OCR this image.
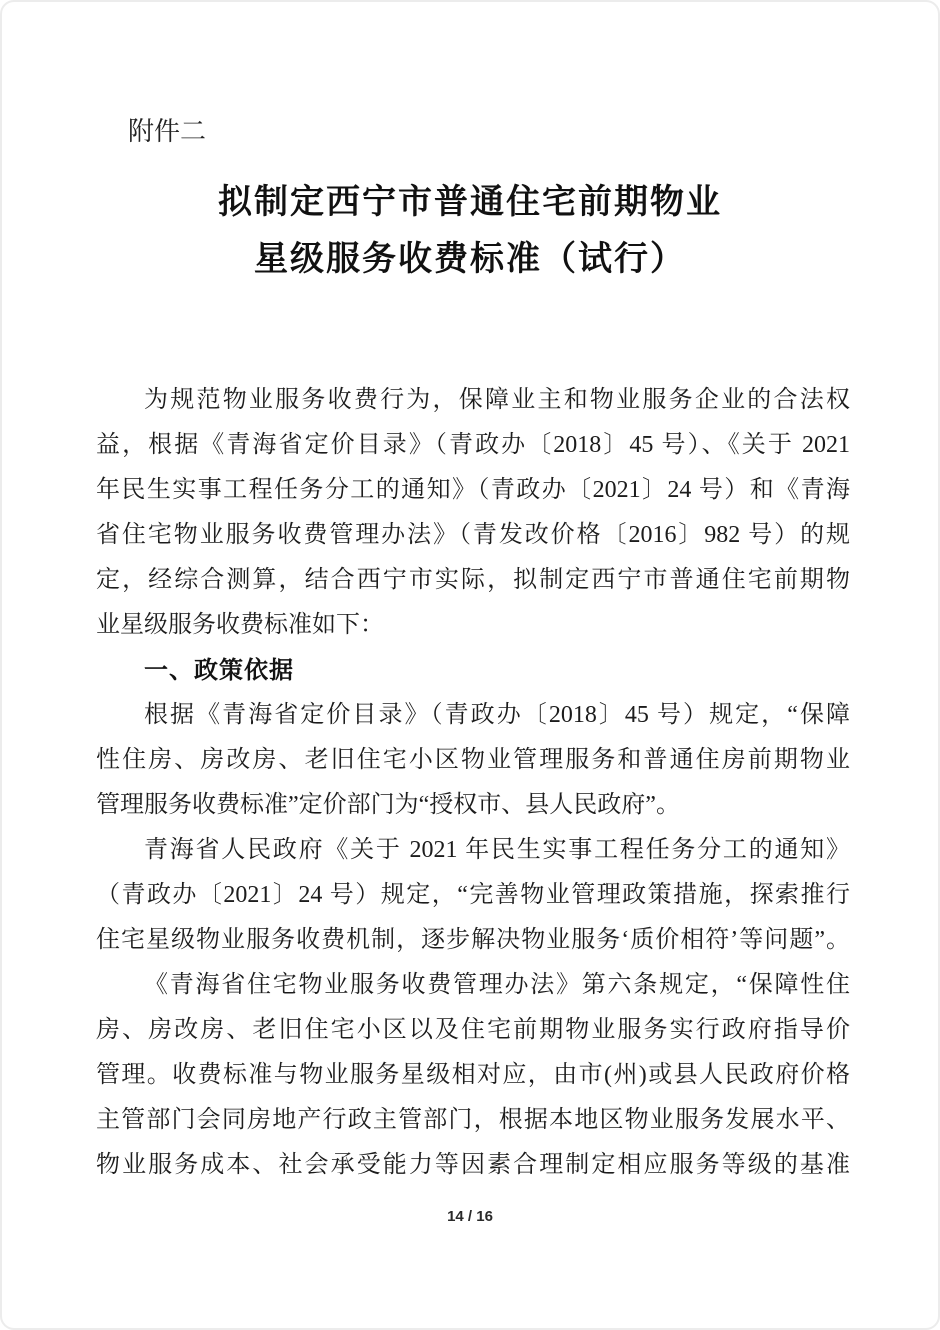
附件二
拟制定西宁市普通住宅前期物业
星级服务收费标准（试行）
为规范物业服务收费行为，保障业主和物业服务企业的合法权
益，根据《青海省定价目录》（青政办〔2018〕45 号）、《关于 2021
年民生实事工程任务分工的通知》（青政办〔2021〕24 号）和《青海
省住宅物业服务收费管理办法》（青发改价格〔2016〕982 号）的规
定，经综合测算，结合西宁市实际，拟制定西宁市普通住宅前期物
业星级服务收费标准如下：
一、政策依据
根据《青海省定价目录》（青政办〔2018〕45 号）规定，“保障
性住房、房改房、老旧住宅小区物业管理服务和普通住房前期物业
管理服务收费标准”定价部门为“授权市、县人民政府”。
青海省人民政府《关于 2021 年民生实事工程任务分工的通知》
（青政办〔2021〕24 号）规定，“完善物业管理政策措施，探索推行
住宅星级物业服务收费机制，逐步解决物业服务‘质价相符’等问题”。
《青海省住宅物业服务收费管理办法》第六条规定，“保障性住
房、房改房、老旧住宅小区以及住宅前期物业服务实行政府指导价
管理。收费标准与物业服务星级相对应，由市(州)或县人民政府价格
主管部门会同房地产行政主管部门，根据本地区物业服务发展水平、
物业服务成本、社会承受能力等因素合理制定相应服务等级的基准
14 / 16
